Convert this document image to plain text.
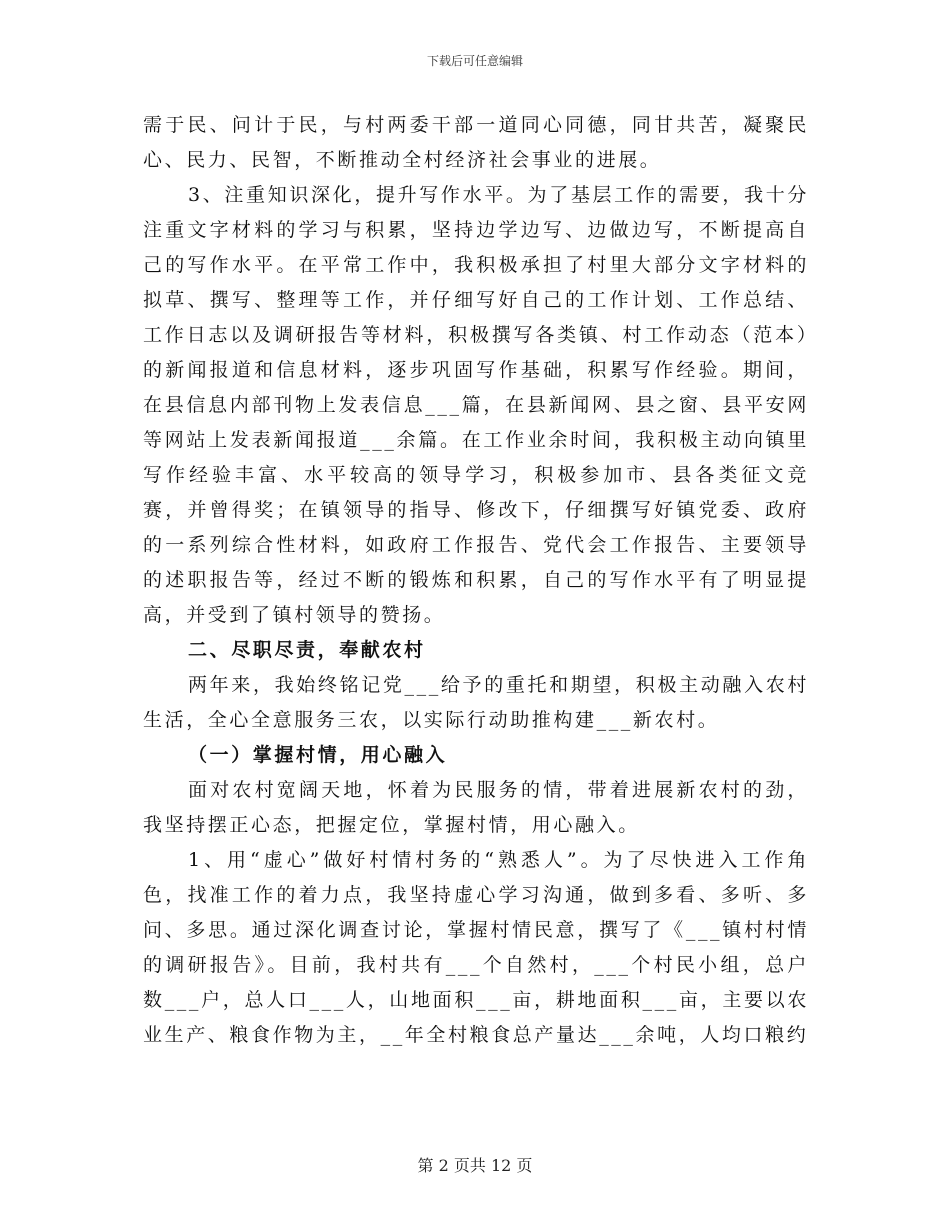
下载后可任意编辑

需于民、问计于民，与村两委干部一道同心同德，同甘共苦，凝聚民心、民力、民智，不断推动全村经济社会事业的进展。

3、注重知识深化，提升写作水平。为了基层工作的需要，我十分注重文字材料的学习与积累，坚持边学边写、边做边写，不断提高自己的写作水平。在平常工作中，我积极承担了村里大部分文字材料的拟草、撰写、整理等工作，并仔细写好自己的工作计划、工作总结、工作日志以及调研报告等材料，积极撰写各类镇、村工作动态（范本）的新闻报道和信息材料，逐步巩固写作基础，积累写作经验。期间，在县信息内部刊物上发表信息___篇，在县新闻网、县之窗、县平安网等网站上发表新闻报道___余篇。在工作业余时间，我积极主动向镇里写作经验丰富、水平较高的领导学习，积极参加市、县各类征文竞赛，并曾得奖；在镇领导的指导、修改下，仔细撰写好镇党委、政府的一系列综合性材料，如政府工作报告、党代会工作报告、主要领导的述职报告等，经过不断的锻炼和积累，自己的写作水平有了明显提高，并受到了镇村领导的赞扬。

二、尽职尽责，奉献农村

两年来，我始终铭记党___给予的重托和期望，积极主动融入农村生活，全心全意服务三农，以实际行动助推构建___新农村。

（一）掌握村情，用心融入

面对农村宽阔天地，怀着为民服务的情，带着进展新农村的劲，我坚持摆正心态，把握定位，掌握村情，用心融入。

1、用“虚心”做好村情村务的“熟悉人”。为了尽快进入工作角色，找准工作的着力点，我坚持虚心学习沟通，做到多看、多听、多问、多思。通过深化调查讨论，掌握村情民意，撰写了《___镇村村情的调研报告》。目前，我村共有___个自然村，___个村民小组，总户数___户，总人口___人，山地面积___亩，耕地面积___亩，主要以农业生产、粮食作物为主，__年全村粮食总产量达___余吨，人均口粮约

第 2 页共 12 页
